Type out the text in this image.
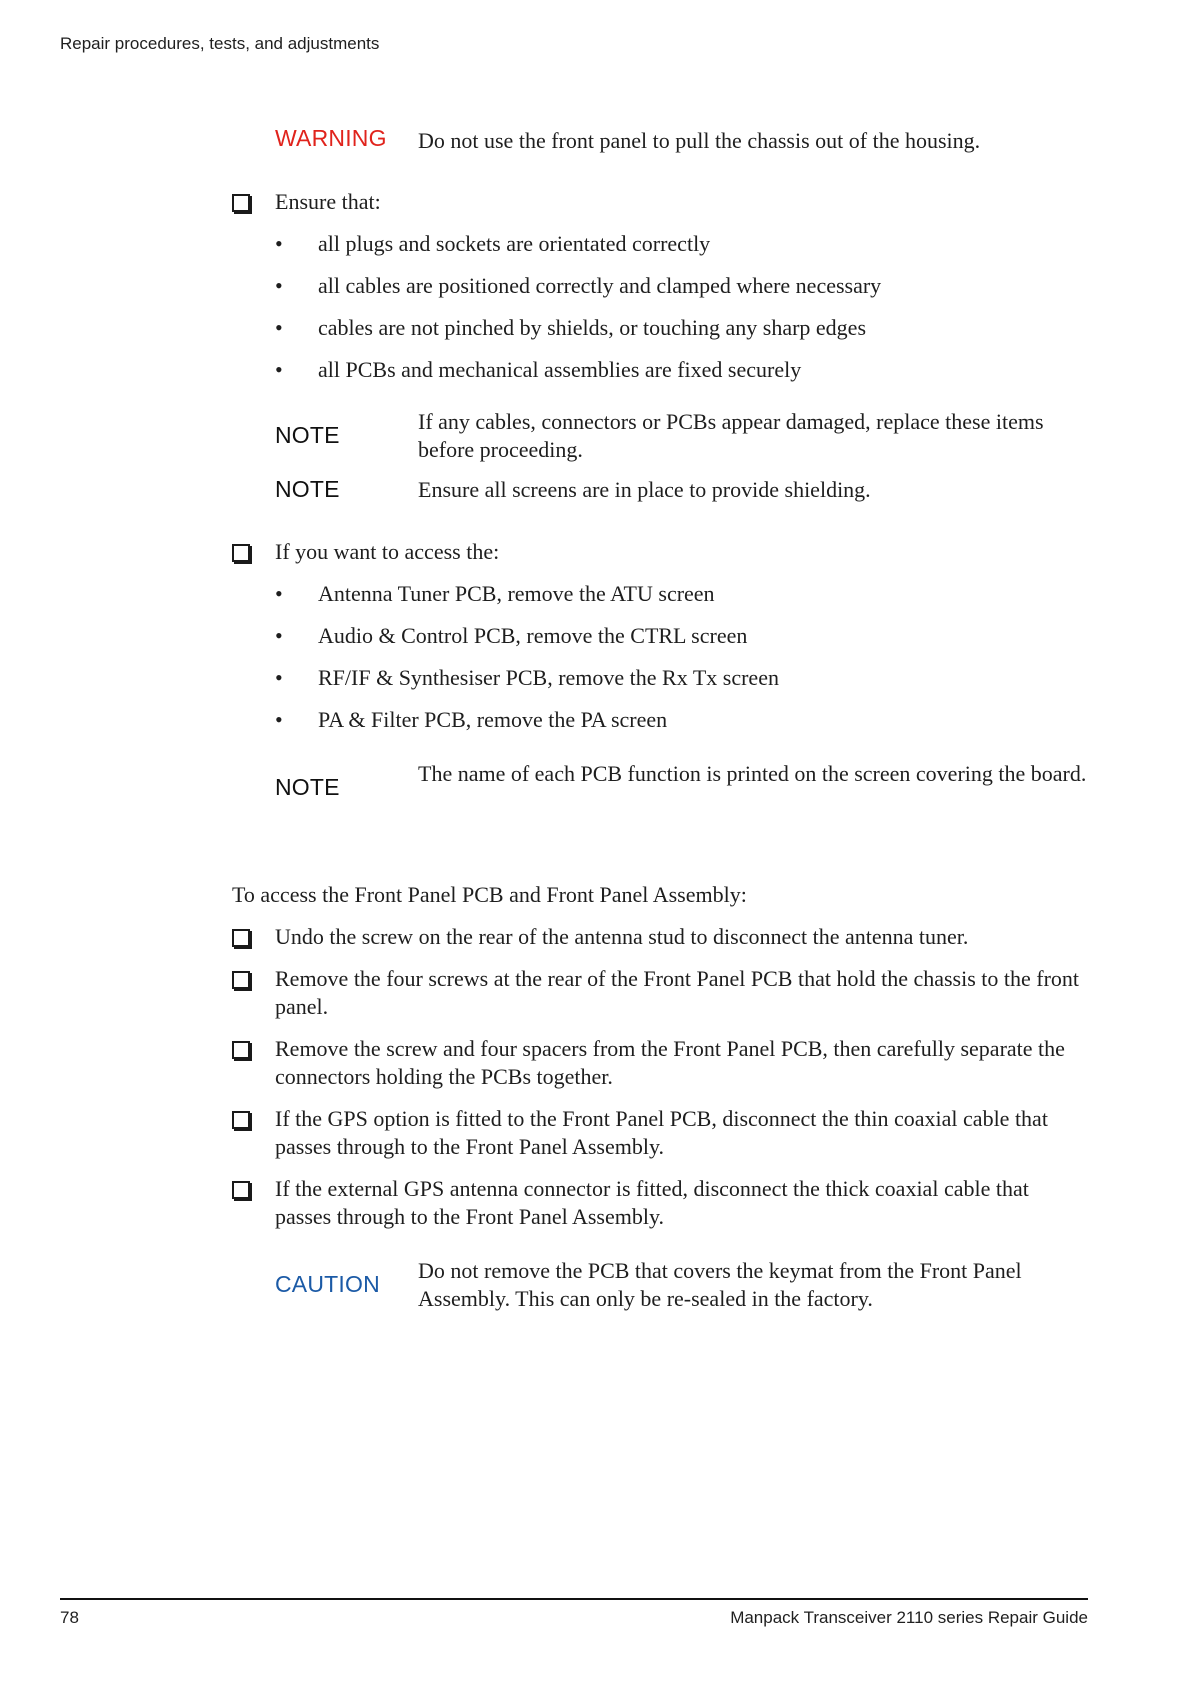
Repair procedures, tests, and adjustments
WARNING Do not use the front panel to pull the chassis out of the housing.
Ensure that:
• all plugs and sockets are orientated correctly
• all cables are positioned correctly and clamped where necessary
• cables are not pinched by shields, or touching any sharp edges
• all PCBs and mechanical assemblies are fixed securely
NOTE
If any cables, connectors or PCBs appear damaged, replace these items before proceeding.
NOTE	Ensure all screens are in place to provide shielding.
If you want to access the:
• Antenna Tuner PCB, remove the ATU screen
• Audio & Control PCB, remove the CTRL screen
• RF/IF & Synthesiser PCB, remove the Rx Tx screen
• PA & Filter PCB, remove the PA screen
NOTE
The name of each PCB function is printed on the screen covering the board.
To access the Front Panel PCB and Front Panel Assembly:
Undo the screw on the rear of the antenna stud to disconnect the antenna tuner.
Remove the four screws at the rear of the Front Panel PCB that hold the chassis to the front panel.
Remove the screw and four spacers from the Front Panel PCB, then carefully separate the connectors holding the PCBs together.
If the GPS option is fitted to the Front Panel PCB, disconnect the thin coaxial cable that passes through to the Front Panel Assembly.
If the external GPS antenna connector is fitted, disconnect the thick coaxial cable that passes through to the Front Panel Assembly.
CAUTION
Do not remove the PCB that covers the keymat from the Front Panel Assembly. This can only be re-sealed in the factory.
78	Manpack Transceiver 2110 series Repair Guide
